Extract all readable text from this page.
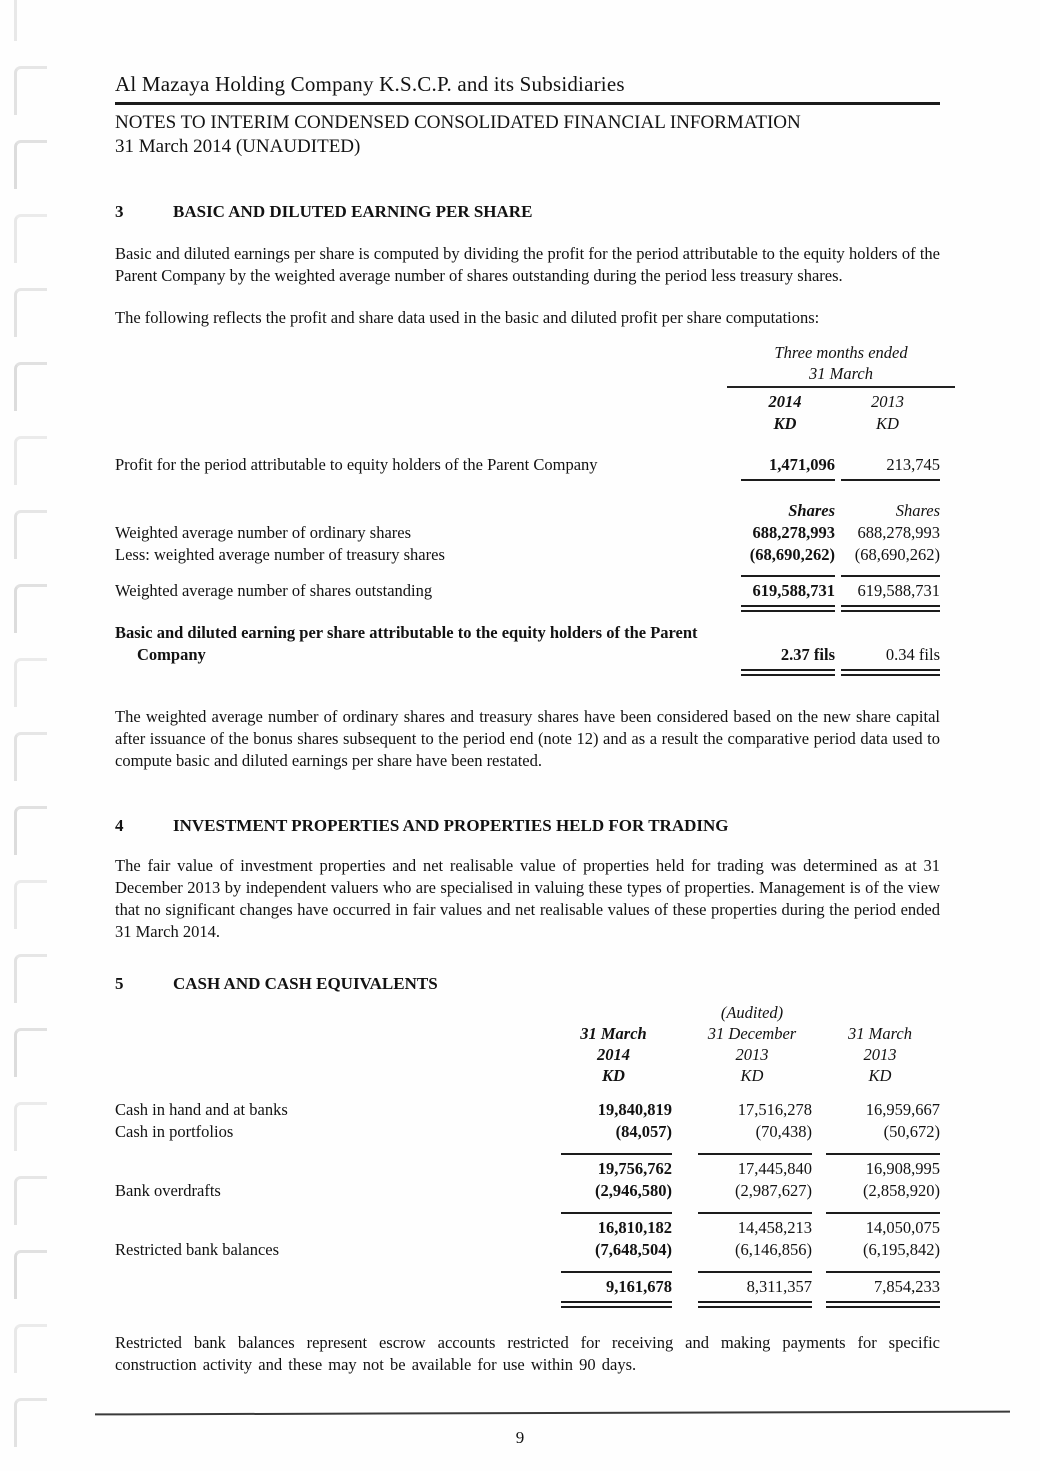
Al Mazaya Holding Company K.S.C.P. and its Subsidiaries
NOTES TO INTERIM CONDENSED CONSOLIDATED FINANCIAL INFORMATION
31 March 2014 (UNAUDITED)
3	BASIC AND DILUTED EARNING PER SHARE

Basic and diluted earnings per share is computed by dividing the profit for the period attributable to the equity holders of the Parent Company by the weighted average number of shares outstanding during the period less treasury shares.

The following reflects the profit and share data used in the basic and diluted profit per share computations:

Three months ended
31 March
2014	2013
KD	KD
Profit for the period attributable to equity holders of the Parent Company	1,471,096	213,745
Shares	Shares
Weighted average number of ordinary shares	688,278,993	688,278,993
Less: weighted average number of treasury shares	(68,690,262)	(68,690,262)
Weighted average number of shares outstanding	619,588,731	619,588,731
Basic and diluted earning per share attributable to the equity holders of the Parent
Company	2.37 fils	0.34 fils

The weighted average number of ordinary shares and treasury shares have been considered based on the new share capital after issuance of the bonus shares subsequent to the period end (note 12) and as a result the comparative period data used to compute basic and diluted earnings per share have been restated.

4	INVESTMENT PROPERTIES AND PROPERTIES HELD FOR TRADING

The fair value of investment properties and net realisable value of properties held for trading was determined as at 31 December 2013 by independent valuers who are specialised in valuing these types of properties. Management is of the view that no significant changes have occurred in fair values and net realisable values of these properties during the period ended 31 March 2014.

5	CASH AND CASH EQUIVALENTS
(Audited)
31 March	31 December	31 March
2014	2013	2013
KD	KD	KD
Cash in hand and at banks	19,840,819	17,516,278	16,959,667
Cash in portfolios	(84,057)	(70,438)	(50,672)
19,756,762	17,445,840	16,908,995
Bank overdrafts	(2,946,580)	(2,987,627)	(2,858,920)
16,810,182	14,458,213	14,050,075
Restricted bank balances	(7,648,504)	(6,146,856)	(6,195,842)
9,161,678	8,311,357	7,854,233

Restricted bank balances represent escrow accounts restricted for receiving and making payments for specific construction activity and these may not be available for use within 90 days.

9
